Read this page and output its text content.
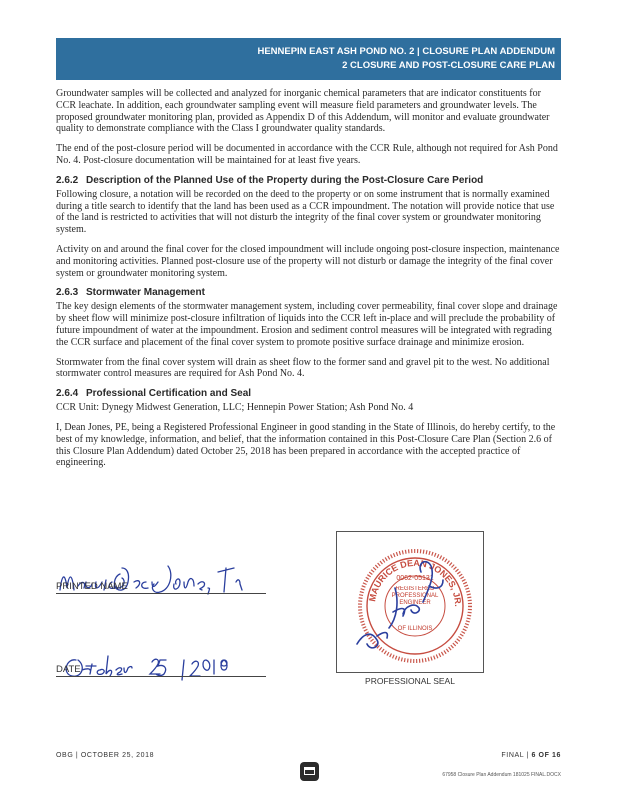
HENNEPIN EAST ASH POND NO. 2 | CLOSURE PLAN ADDENDUM
2 CLOSURE AND POST-CLOSURE CARE PLAN

Groundwater samples will be collected and analyzed for inorganic chemical parameters that are indicator constituents for CCR leachate. In addition, each groundwater sampling event will measure field parameters and groundwater levels. The proposed groundwater monitoring plan, provided as Appendix D of this Addendum, will monitor and evaluate groundwater quality to demonstrate compliance with the Class I groundwater quality standards.

The end of the post-closure period will be documented in accordance with the CCR Rule, although not required for Ash Pond No. 4. Post-closure documentation will be maintained for at least five years.

2.6.2 Description of the Planned Use of the Property during the Post-Closure Care Period

Following closure, a notation will be recorded on the deed to the property or on some instrument that is normally examined during a title search to identify that the land has been used as a CCR impoundment. The notation will provide notice that use of the land is restricted to activities that will not disturb the integrity of the final cover system or groundwater monitoring system.

Activity on and around the final cover for the closed impoundment will include ongoing post-closure inspection, maintenance and monitoring activities. Planned post-closure use of the property will not disturb or damage the integrity of the final cover system or groundwater monitoring system.

2.6.3 Stormwater Management

The key design elements of the stormwater management system, including cover permeability, final cover slope and drainage by sheet flow will minimize post-closure infiltration of liquids into the CCR left in-place and will preclude the probability of future impoundment of water at the impoundment. Erosion and sediment control measures will be integrated with regrading the CCR surface and placement of the final cover system to promote positive surface drainage and minimize erosion.

Stormwater from the final cover system will drain as sheet flow to the former sand and gravel pit to the west. No additional stormwater control measures are required for Ash Pond No. 4.

2.6.4 Professional Certification and Seal

CCR Unit: Dynegy Midwest Generation, LLC; Hennepin Power Station; Ash Pond No. 4

I, Dean Jones, PE, being a Registered Professional Engineer in good standing in the State of Illinois, do hereby certify, to the best of my knowledge, information, and belief, that the information contained in this Post-Closure Care Plan (Section 2.6 of this Closure Plan Addendum) dated October 25, 2018 has been prepared in accordance with the accepted practice of engineering.

PRINTED NAME
DATE
MAURICE DEAN JONES, JR.
0062-05131
REGISTERED PROFESSIONAL ENGINEER
OF ILLINOIS
PROFESSIONAL SEAL
OBG | OCTOBER 25, 2018	FINAL | 6 OF 16
67958 Closure Plan Addendum 181025 FINAL.DOCX
